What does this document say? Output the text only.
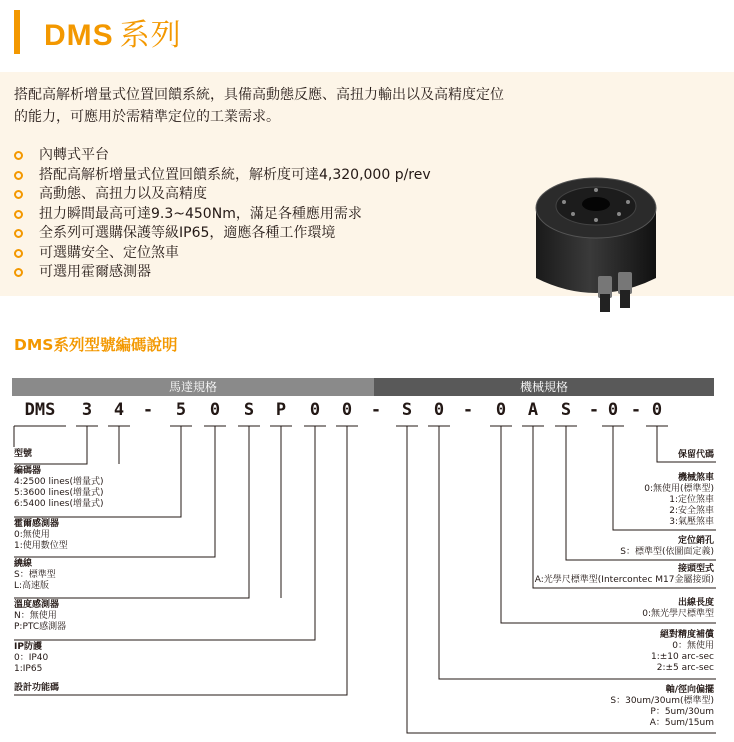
DMS 系列
搭配高解析增量式位置回饋系統，具備高動態反應、高扭力輸出以及高精度定位的能力，可應用於需精準定位的工業需求。
內轉式平台
搭配高解析增量式位置回饋系統，解析度可達4,320,000 p/rev
高動態、高扭力以及高精度
扭力瞬間最高可達9.3~450Nm，滿足各種應用需求
全系列可選購保護等級IP65，適應各種工作環境
可選購安全、定位煞車
可選用霍爾感測器
DMS系列型號編碼說明
馬達規格	機械規格
DMS	3	4	-	5	0	S	P	0	0	-	S	0	-	0	A	S	- 0 - 0
型號
編碼器
4:2500 lines(增量式)
5:3600 lines(增量式)
6:5400 lines(增量式)
霍爾感測器
0:無使用
1:使用數位型
繞線
S：標準型
L:高速版
溫度感測器
N：無使用
P:PTC感測器
IP防護
0：IP40
1:IP65
設計功能碼
保留代碼
機械煞車
0:無使用(標準型)
1:定位煞車
2:安全煞車
3:氣壓煞車
定位銷孔
S：標準型(依圖面定義)
接頭型式
A:光學尺標準型(Intercontec M17金屬接頭)
出線長度
0:無光學尺標準型
絕對精度補償
0：無使用
1:±10 arc-sec
2:±5 arc-sec
軸/徑向偏擺
S：30um/30um(標準型)
P：5um/30um
A：5um/15um
